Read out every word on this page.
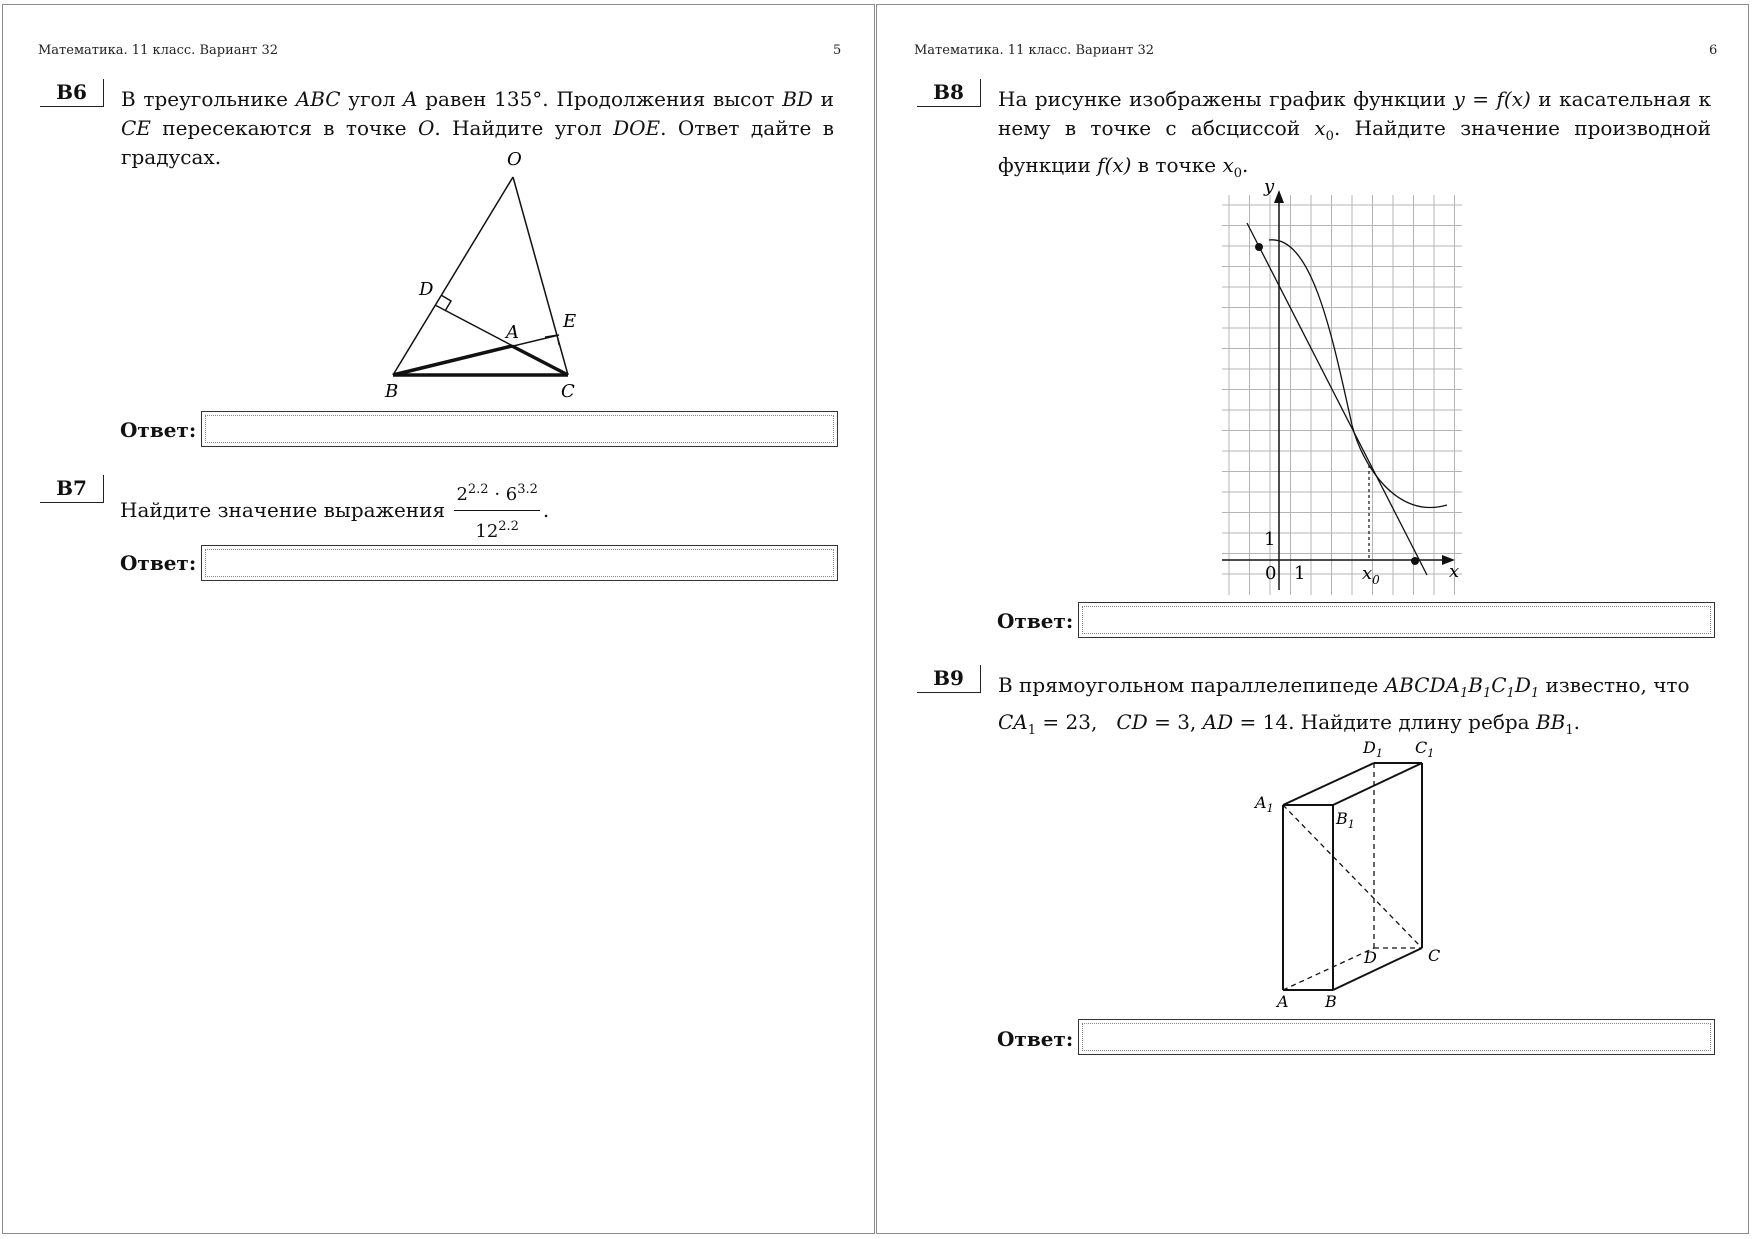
Математика. 11 класс. Вариант 32	5
B6	В треугольнике ABC угол A равен 135°. Продолжения высот BD и CE пересекаются в точке O. Найдите угол DOE. Ответ дайте в градусах.	O
D
A
E
B	C
Ответ:
B7
Найдите значение выражения $\frac{2^{2.2} \cdot 6^{3.2}}{12^{2.2}}$ .
Ответ:
Математика. 11 класс. Вариант 32	6
B8	На рисунке изображены график функции y = f(x) и касательная к нему в точке с абсциссой $x_0$. Найдите значение производной функции f(x) в точке $x_0$.
y
x
0 1
1
$x_0$
Ответ:
B9	В прямоугольном параллелепипеде $ABCDA_1B_1C_1D_1$ известно, что
$CA_1 = 23$, CD = 3, AD = 14. Найдите длину ребра $BB_1$.
$A_1$
$B_1$
$D_1$ $C_1$
D	C
A B
Ответ:
